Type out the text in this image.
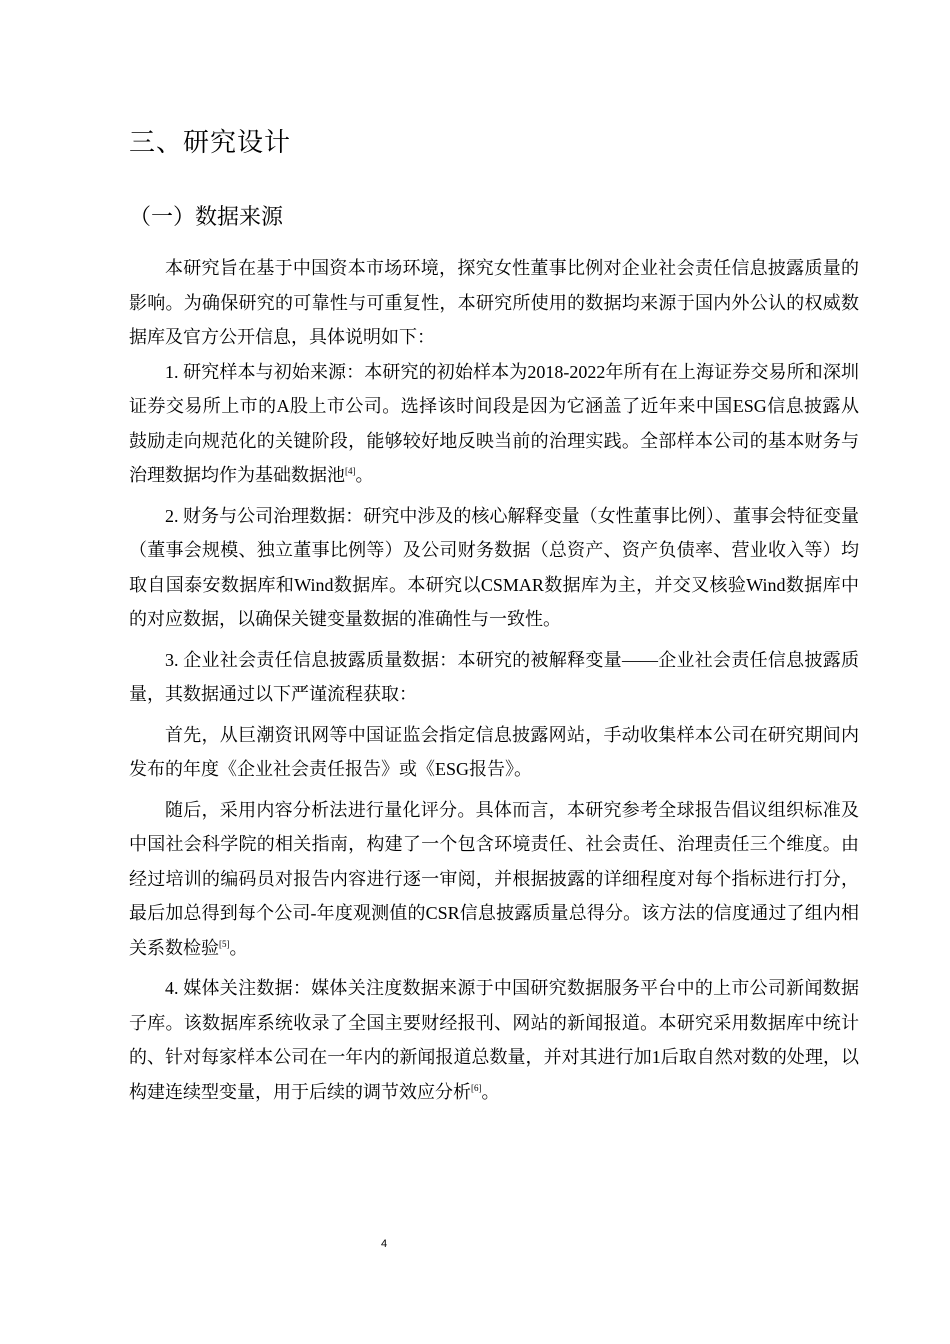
三、研究设计
（一）数据来源

本研究旨在基于中国资本市场环境，探究女性董事比例对企业社会责任信息披露质量的影响。为确保研究的可靠性与可重复性，本研究所使用的数据均来源于国内外公认的权威数据库及官方公开信息，具体说明如下：

1. 研究样本与初始来源：本研究的初始样本为2018-2022年所有在上海证券交易所和深圳证券交易所上市的A股上市公司。选择该时间段是因为它涵盖了近年来中国ESG信息披露从鼓励走向规范化的关键阶段，能够较好地反映当前的治理实践。全部样本公司的基本财务与治理数据均作为基础数据池[4]。

2. 财务与公司治理数据：研究中涉及的核心解释变量（女性董事比例）、董事会特征变量（董事会规模、独立董事比例等）及公司财务数据（总资产、资产负债率、营业收入等）均取自国泰安数据库和Wind数据库。本研究以CSMAR数据库为主，并交叉核验Wind数据库中的对应数据，以确保关键变量数据的准确性与一致性。

3. 企业社会责任信息披露质量数据：本研究的被解释变量——企业社会责任信息披露质量，其数据通过以下严谨流程获取：

首先，从巨潮资讯网等中国证监会指定信息披露网站，手动收集样本公司在研究期间内发布的年度《企业社会责任报告》或《ESG报告》。

随后，采用内容分析法进行量化评分。具体而言，本研究参考全球报告倡议组织标准及中国社会科学院的相关指南，构建了一个包含环境责任、社会责任、治理责任三个维度。由经过培训的编码员对报告内容进行逐一审阅，并根据披露的详细程度对每个指标进行打分，最后加总得到每个公司-年度观测值的CSR信息披露质量总得分。该方法的信度通过了组内相关系数检验[5]。

4. 媒体关注数据：媒体关注度数据来源于中国研究数据服务平台中的上市公司新闻数据子库。该数据库系统收录了全国主要财经报刊、网站的新闻报道。本研究采用数据库中统计的、针对每家样本公司在一年内的新闻报道总数量，并对其进行加1后取自然对数的处理，以构建连续型变量，用于后续的调节效应分析[6]。

4
